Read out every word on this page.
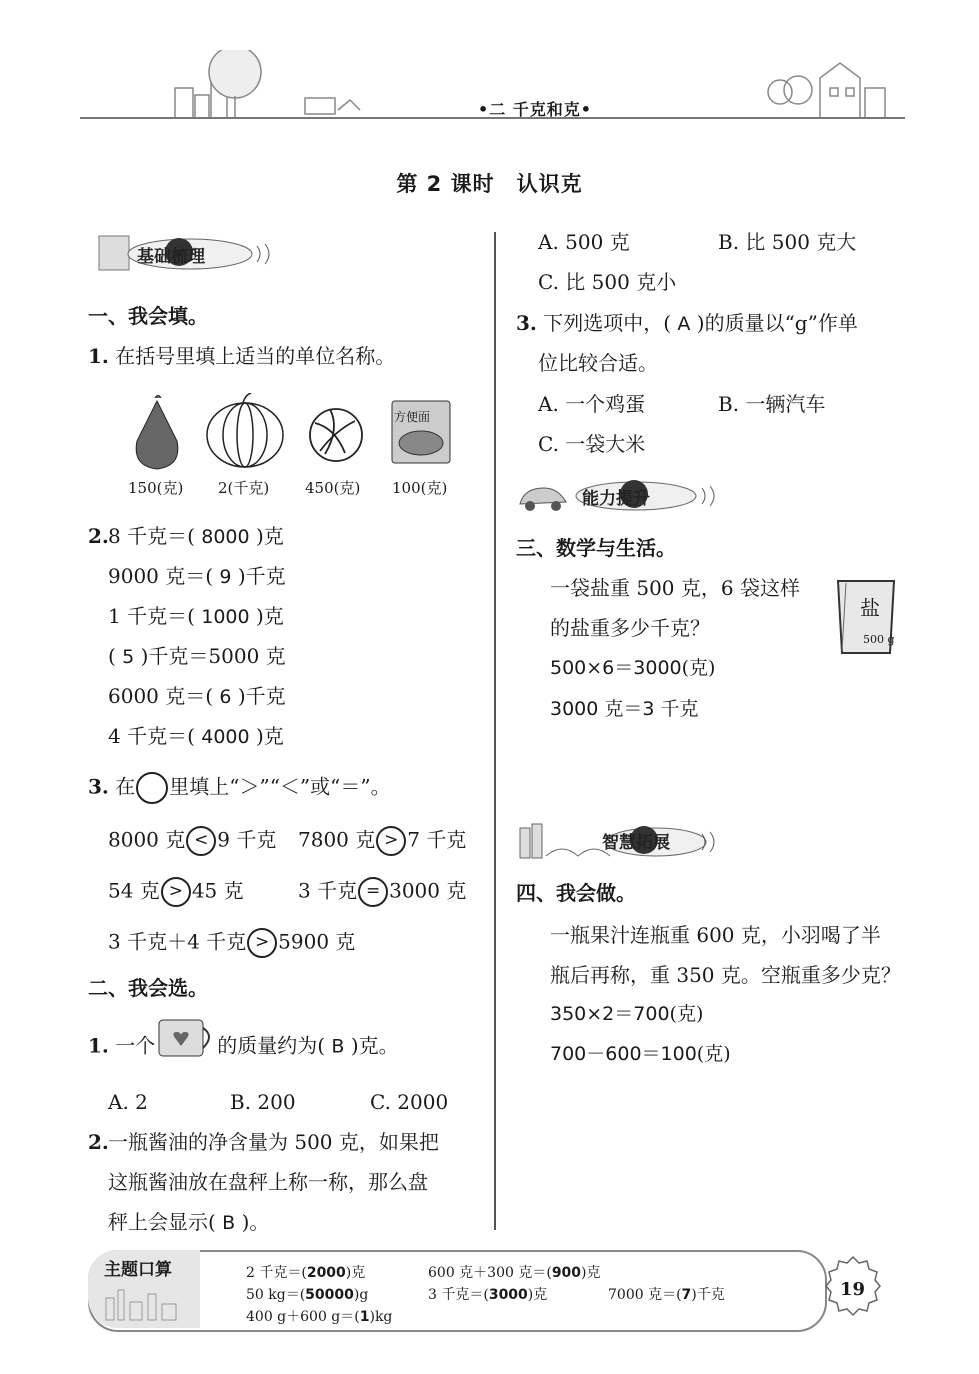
•二 千克和克•
第 2 课时　认识克
基础梳理
一、我会填。
1. 在括号里填上适当的单位名称。
方便面
150(克) 2(千克) 450(克) 100(克)
2. 8 千克＝( 8000 )克
9000 克＝( 9 )千克
1 千克＝( 1000 )克
( 5 )千克＝5000 克
6000 克＝( 6 )千克
4 千克＝( 4000 )克
3. 在 里填上“＞”“＜”或“＝”。
8000 克 < 9 千克 7800 克 > 7 千克
54 克 > 45 克	3 千克 = 3000 克
3 千克＋4 千克 > 5900 克
二、我会选。
1. 一个	的质量约为( B )克。
A. 2	B. 200	C. 2000
2. 一瓶酱油的净含量为 500 克，如果把
这瓶酱油放在盘秤上称一称，那么盘
秤上会显示( B )。
A. 500 克	B. 比 500 克大
C. 比 500 克小
3. 下列选项中，( A )的质量以“g”作单
位比较合适。
A. 一个鸡蛋	B. 一辆汽车
C. 一袋大米
能力提升
三、数学与生活。
一袋盐重 500 克，6 袋这样
的盐重多少千克？
盐
500 g
500×6＝3000(克)
3000 克＝3 千克
智慧拓展
四、我会做。
一瓶果汁连瓶重 600 克，小羽喝了半
瓶后再称，重 350 克。空瓶重多少克？
350×2＝700(克)
700－600＝100(克)
主题口算	2 千克＝(2000)克	600 克＋300 克＝(900)克
50 kg＝(50000)g	3 千克＝(3000)克	7000 克＝(7)千克
400 g＋600 g＝(1)kg
19
